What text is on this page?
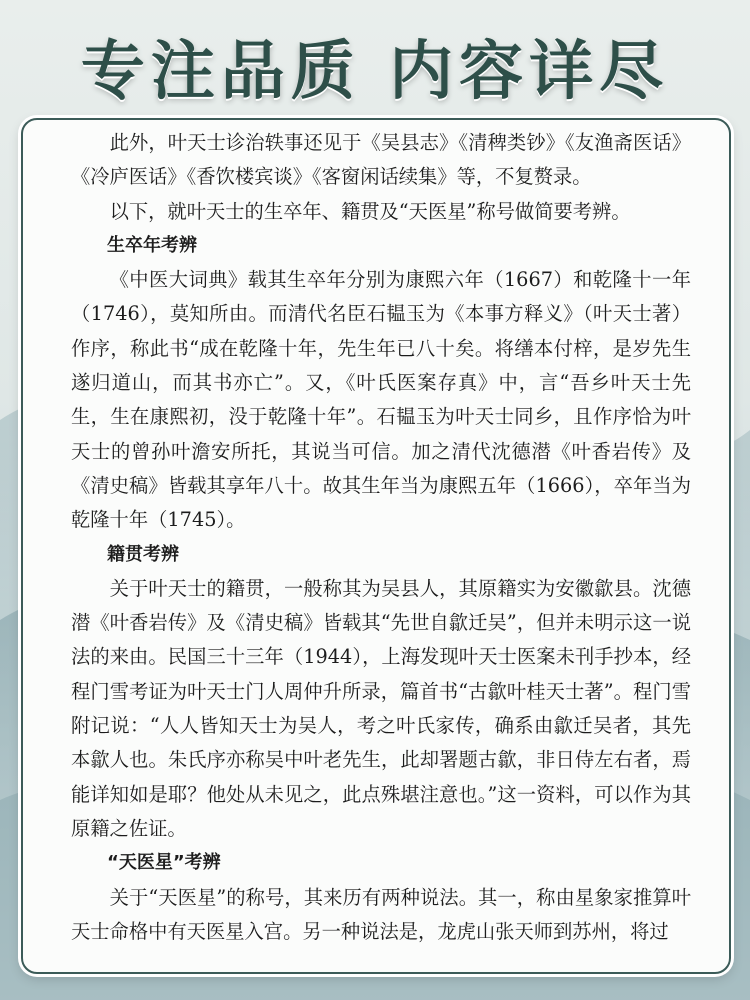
专注品质 内容详尽

此外，叶天士诊治轶事还见于《吴县志》《清稗类钞》《友渔斋医话》《冷庐医话》《香饮楼宾谈》《客窗闲话续集》等，不复赘录。

以下，就叶天士的生卒年、籍贯及“天医星”称号做简要考辨。

生卒年考辨

《中医大词典》载其生卒年分别为康熙六年（1667）和乾隆十一年（1746），莫知所由。而清代名臣石韫玉为《本事方释义》（叶天士著）作序，称此书“成在乾隆十年，先生年已八十矣。将缮本付梓，是岁先生遂归道山，而其书亦亡”。又，《叶氏医案存真》中，言“吾乡叶天士先生，生在康熙初，没于乾隆十年”。石韫玉为叶天士同乡，且作序恰为叶天士的曾孙叶澹安所托，其说当可信。加之清代沈德潜《叶香岩传》及《清史稿》皆载其享年八十。故其生年当为康熙五年（1666），卒年当为乾隆十年（1745）。

籍贯考辨

关于叶天士的籍贯，一般称其为吴县人，其原籍实为安徽歙县。沈德潜《叶香岩传》及《清史稿》皆载其“先世自歙迁吴”，但并未明示这一说法的来由。民国三十三年（1944），上海发现叶天士医案未刊手抄本，经程门雪考证为叶天士门人周仲升所录，篇首书“古歙叶桂天士著”。程门雪附记说：“人人皆知天士为吴人，考之叶氏家传，确系由歙迁吴者，其先本歙人也。朱氏序亦称吴中叶老先生，此却署题古歙，非日侍左右者，焉能详知如是耶？他处从未见之，此点殊堪注意也。”这一资料，可以作为其原籍之佐证。

“天医星”考辨

关于“天医星”的称号，其来历有两种说法。其一，称由星象家推算叶天士命格中有天医星入宫。另一种说法是，龙虎山张天师到苏州，将过
